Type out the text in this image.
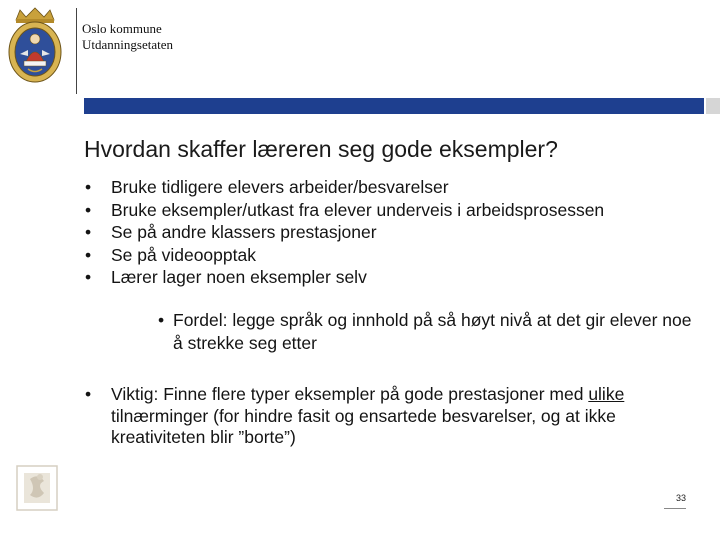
Oslo kommune
Utdanningsetaten
Hvordan skaffer læreren seg gode eksempler?
• Bruke tidligere elevers arbeider/besvarelser
• Bruke eksempler/utkast fra elever underveis i arbeidsprosessen
• Se på andre klassers prestasjoner
• Se på videoopptak
• Lærer lager noen eksempler selv
• Fordel: legge språk og innhold på så høyt nivå at det gir elever noe å strekke seg etter
• Viktig: Finne flere typer eksempler på gode prestasjoner med ulike tilnærminger (for hindre fasit og ensartede besvarelser, og at ikke kreativiteten blir ”borte”)
33
